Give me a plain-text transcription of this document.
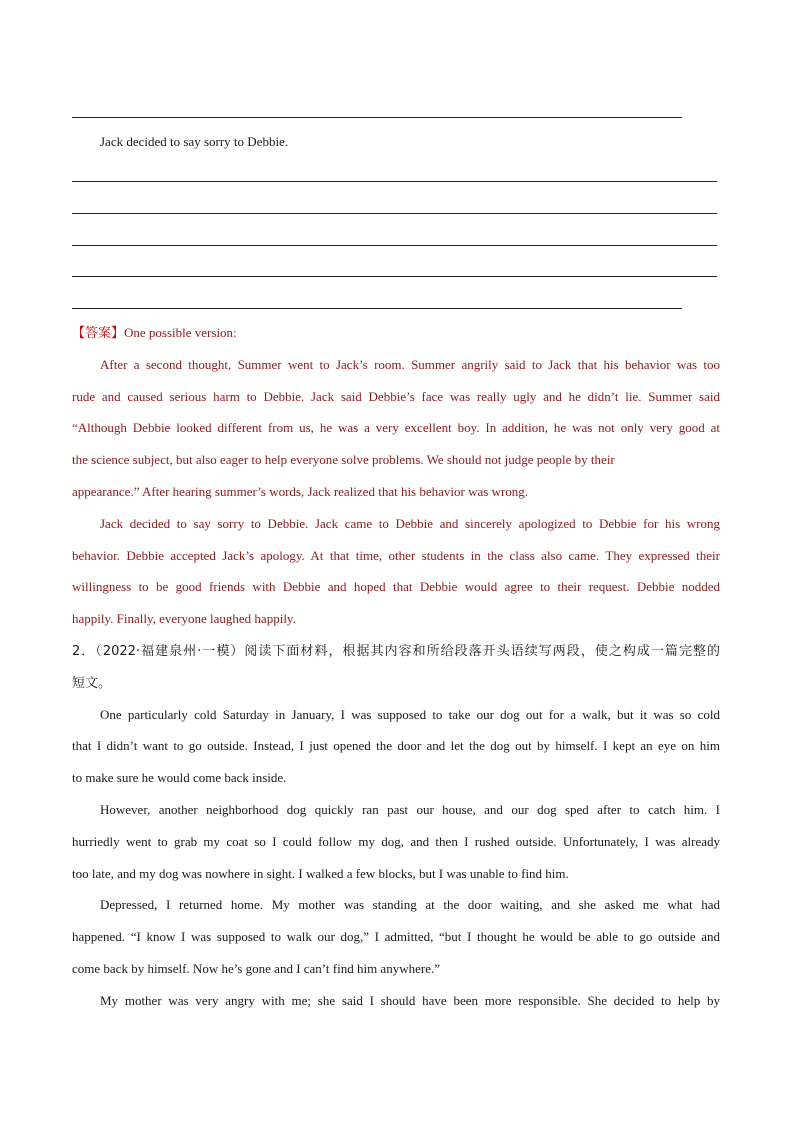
Jack decided to say sorry to Debbie.
【答案】One possible version:
After a second thought, Summer went to Jack’s room. Summer angrily said to Jack that his behavior was too
rude and caused serious harm to Debbie. Jack said Debbie’s face was really ugly and he didn’t lie. Summer said
“Although Debbie looked different from us, he was a very excellent boy. In addition, he was not only very good at
the science subject, but also eager to help everyone solve problems. We should not judge people by their
appearance.” After hearing summer’s words, Jack realized that his behavior was wrong.
Jack decided to say sorry to Debbie. Jack came to Debbie and sincerely apologized to Debbie for his wrong
behavior. Debbie accepted Jack’s apology. At that time, other students in the class also came. They expressed their
willingness to be good friends with Debbie and hoped that Debbie would agree to their request. Debbie nodded
happily. Finally, everyone laughed happily.
2．（2022·福建泉州·一模）阅读下面材料，根据其内容和所给段落开头语续写两段，使之构成一篇完整的
短文。
One particularly cold Saturday in January, I was supposed to take our dog out for a walk, but it was so cold
that I didn’t want to go outside. Instead, I just opened the door and let the dog out by himself. I kept an eye on him
to make sure he would come back inside.
However, another neighborhood dog quickly ran past our house, and our dog sped after to catch him. I
hurriedly went to grab my coat so I could follow my dog, and then I rushed outside. Unfortunately, I was already
too late, and my dog was nowhere in sight. I walked a few blocks, but I was unable to find him.
Depressed, I returned home. My mother was standing at the door waiting, and she asked me what had
happened. “I know I was supposed to walk our dog,” I admitted, “but I thought he would be able to go outside and
come back by himself. Now he’s gone and I can’t find him anywhere.”
My mother was very angry with me; she said I should have been more responsible. She decided to help by
